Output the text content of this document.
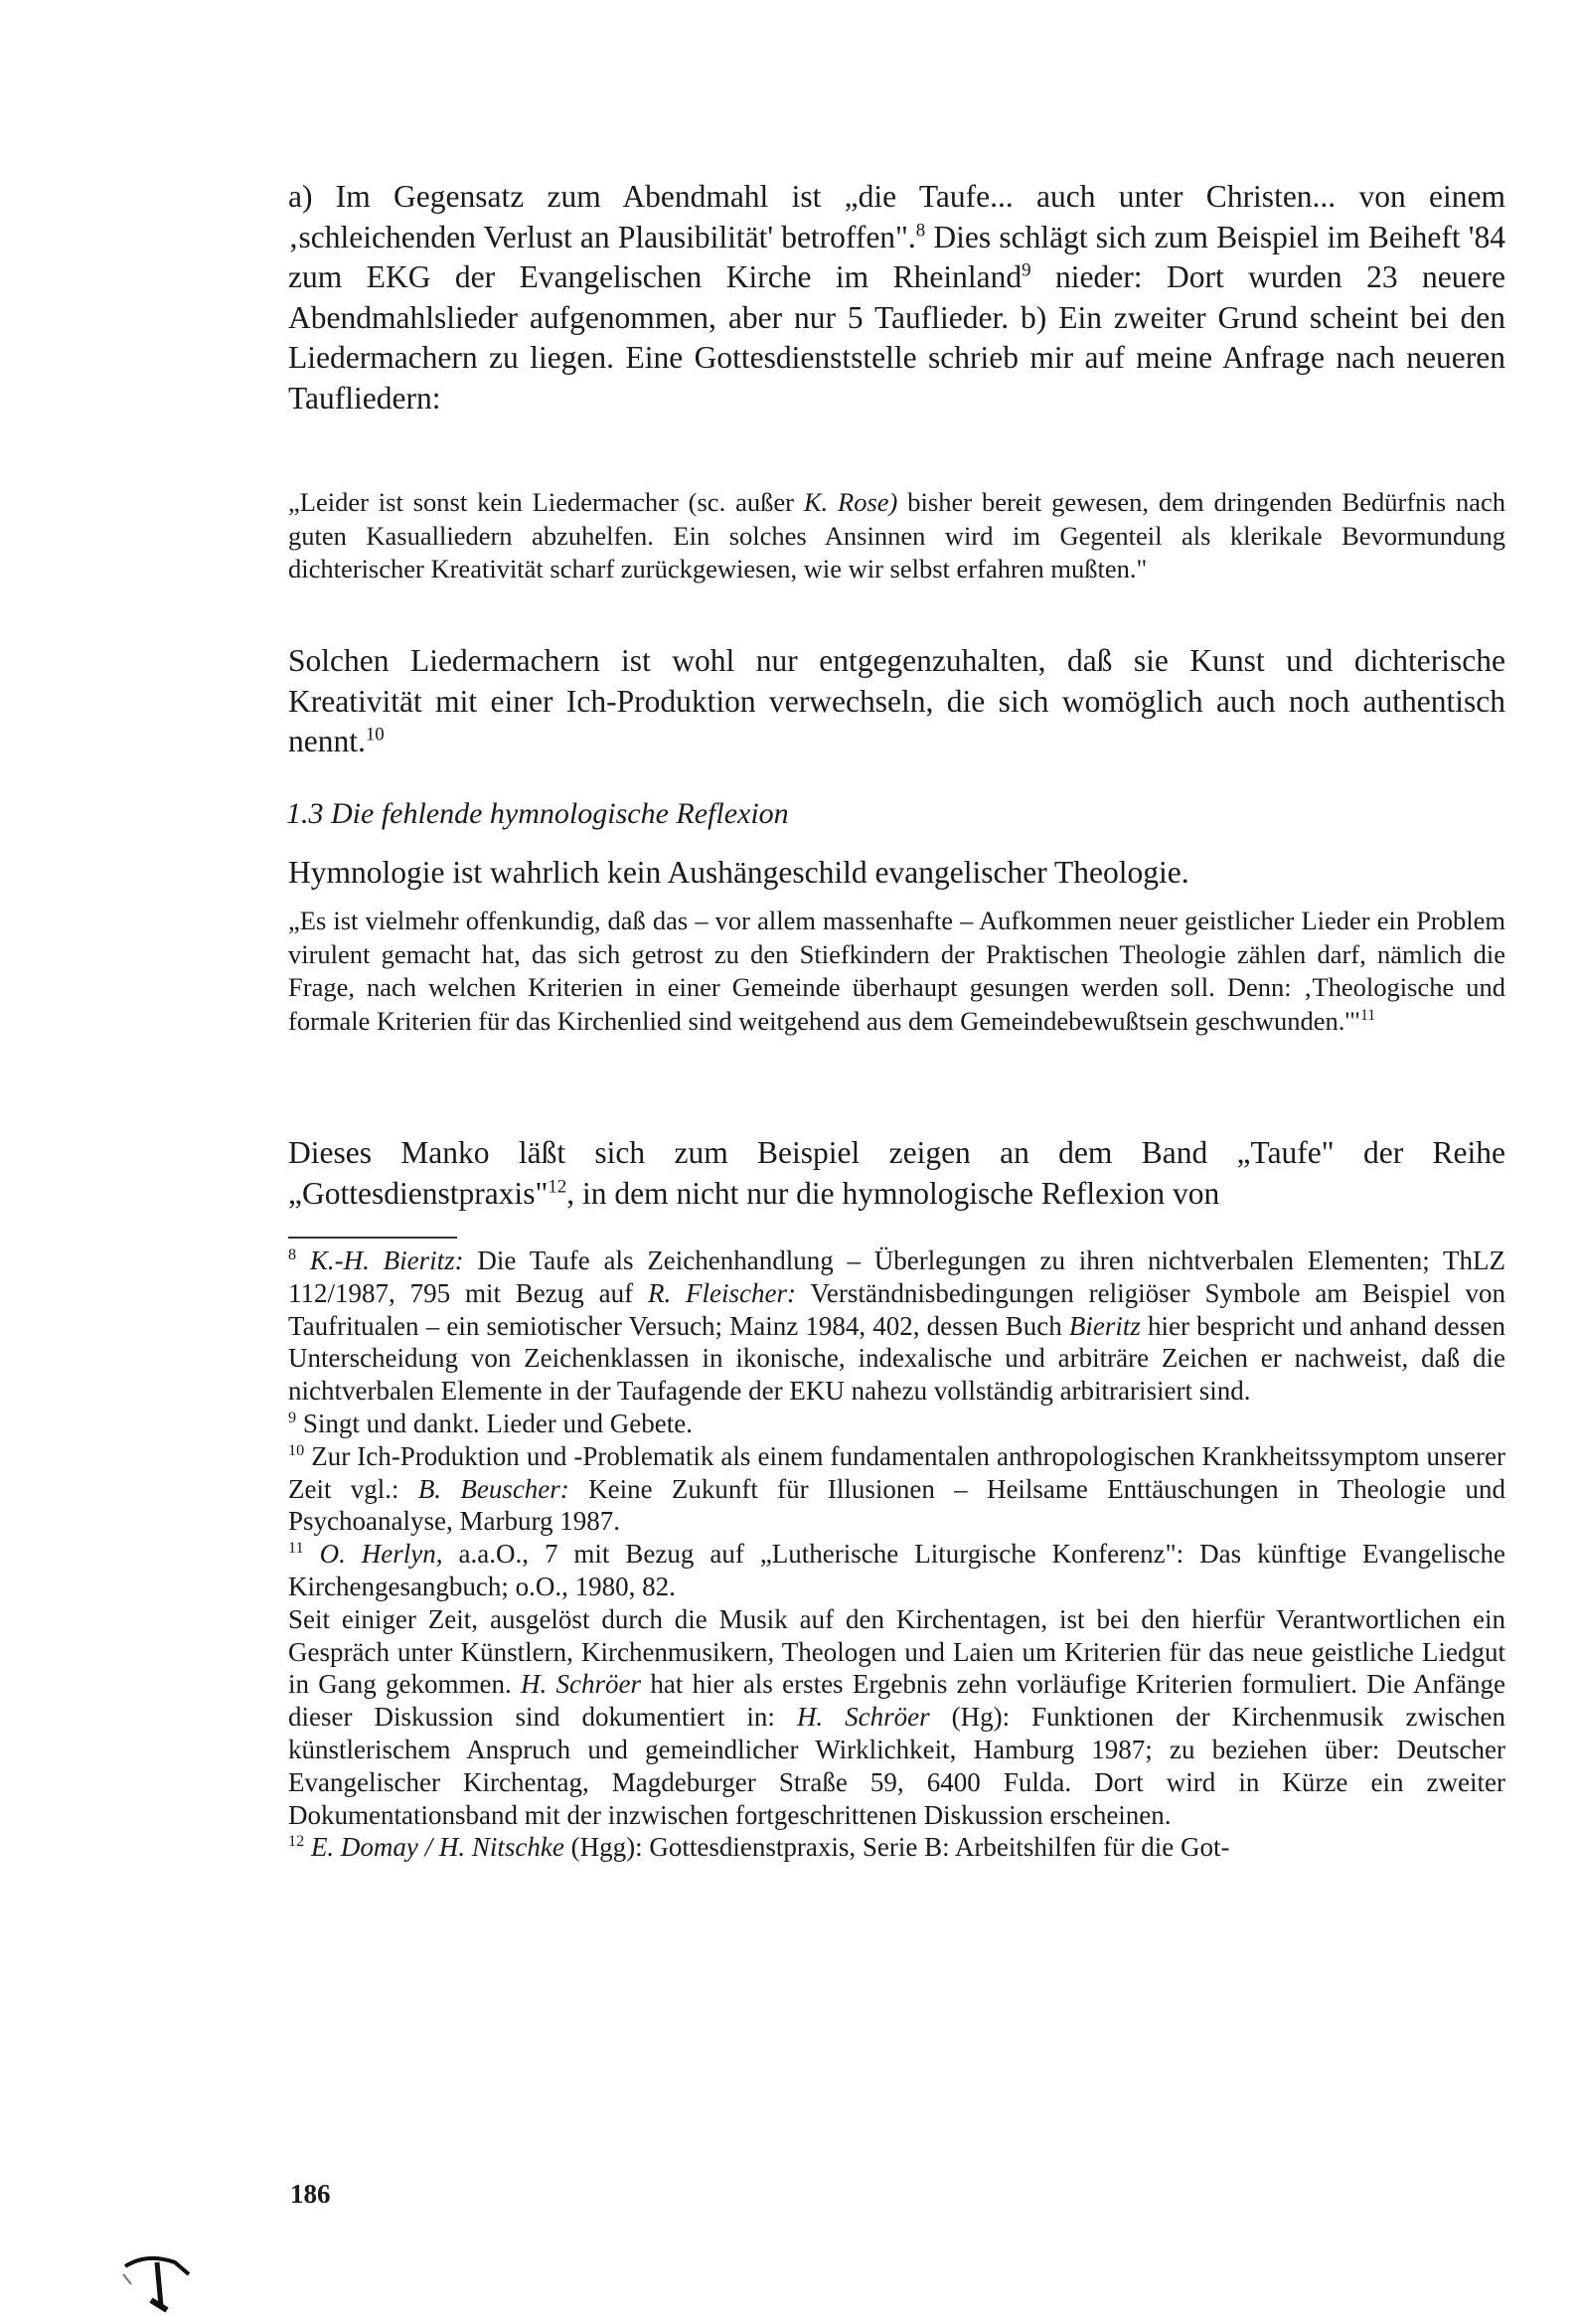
a) Im Gegensatz zum Abendmahl ist „die Taufe... auch unter Christen... von einem ‚schleichenden Verlust an Plausibilität' betroffen".$^8$ Dies schlägt sich zum Beispiel im Beiheft '84 zum EKG der Evangelischen Kirche im Rheinland$^9$ nieder: Dort wurden 23 neuere Abendmahlslieder aufgenommen, aber nur 5 Tauflieder. b) Ein zweiter Grund scheint bei den Liedermachern zu liegen. Eine Gottesdienststelle schrieb mir auf meine Anfrage nach neueren Taufliedern:
„Leider ist sonst kein Liedermacher (sc. außer K. Rose) bisher bereit gewesen, dem dringenden Bedürfnis nach guten Kasualliedern abzuhelfen. Ein solches Ansinnen wird im Gegenteil als klerikale Bevormundung dichterischer Kreativität scharf zurückgewiesen, wie wir selbst erfahren mußten."
Solchen Liedermachern ist wohl nur entgegenzuhalten, daß sie Kunst und dichterische Kreativität mit einer Ich-Produktion verwechseln, die sich womöglich auch noch authentisch nennt.$^{10}$
1.3 Die fehlende hymnologische Reflexion
Hymnologie ist wahrlich kein Aushängeschild evangelischer Theologie.
„Es ist vielmehr offenkundig, daß das – vor allem massenhafte – Aufkommen neuer geistlicher Lieder ein Problem virulent gemacht hat, das sich getrost zu den Stiefkindern der Praktischen Theologie zählen darf, nämlich die Frage, nach welchen Kriterien in einer Gemeinde überhaupt gesungen werden soll. Denn: ‚Theologische und formale Kriterien für das Kirchenlied sind weitgehend aus dem Gemeindebewußtsein geschwunden.'"$^{11}$
Dieses Manko läßt sich zum Beispiel zeigen an dem Band „Taufe" der Reihe „Gottesdienstpraxis"$^{12}$, in dem nicht nur die hymnologische Reflexion von
$^8$ K.-H. Bieritz: Die Taufe als Zeichenhandlung – Überlegungen zu ihren nichtverbalen Elementen; ThLZ 112/1987, 795 mit Bezug auf R. Fleischer: Verständnisbedingungen religiöser Symbole am Beispiel von Taufritualen – ein semiotischer Versuch; Mainz 1984, 402, dessen Buch Bieritz hier bespricht und anhand dessen Unterscheidung von Zeichenklassen in ikonische, indexalische und arbiträre Zeichen er nachweist, daß die nichtverbalen Elemente in der Taufagende der EKU nahezu vollständig arbitrarisiert sind.
$^9$ Singt und dankt. Lieder und Gebete.
$^{10}$ Zur Ich-Produktion und -Problematik als einem fundamentalen anthropologischen Krankheitssymptom unserer Zeit vgl.: B. Beuscher: Keine Zukunft für Illusionen – Heilsame Enttäuschungen in Theologie und Psychoanalyse, Marburg 1987.
$^{11}$ O. Herlyn, a.a.O., 7 mit Bezug auf „Lutherische Liturgische Konferenz": Das künftige Evangelische Kirchengesangbuch; o.O., 1980, 82.
Seit einiger Zeit, ausgelöst durch die Musik auf den Kirchentagen, ist bei den hierfür Verantwortlichen ein Gespräch unter Künstlern, Kirchenmusikern, Theologen und Laien um Kriterien für das neue geistliche Liedgut in Gang gekommen. H. Schröer hat hier als erstes Ergebnis zehn vorläufige Kriterien formuliert. Die Anfänge dieser Diskussion sind dokumentiert in: H. Schröer (Hg): Funktionen der Kirchenmusik zwischen künstlerischem Anspruch und gemeindlicher Wirklichkeit, Hamburg 1987; zu beziehen über: Deutscher Evangelischer Kirchentag, Magdeburger Straße 59, 6400 Fulda. Dort wird in Kürze ein zweiter Dokumentationsband mit der inzwischen fortgeschrittenen Diskussion erscheinen.
$^{12}$ E. Domay / H. Nitschke (Hgg): Gottesdienstpraxis, Serie B: Arbeitshilfen für die Got-
186
